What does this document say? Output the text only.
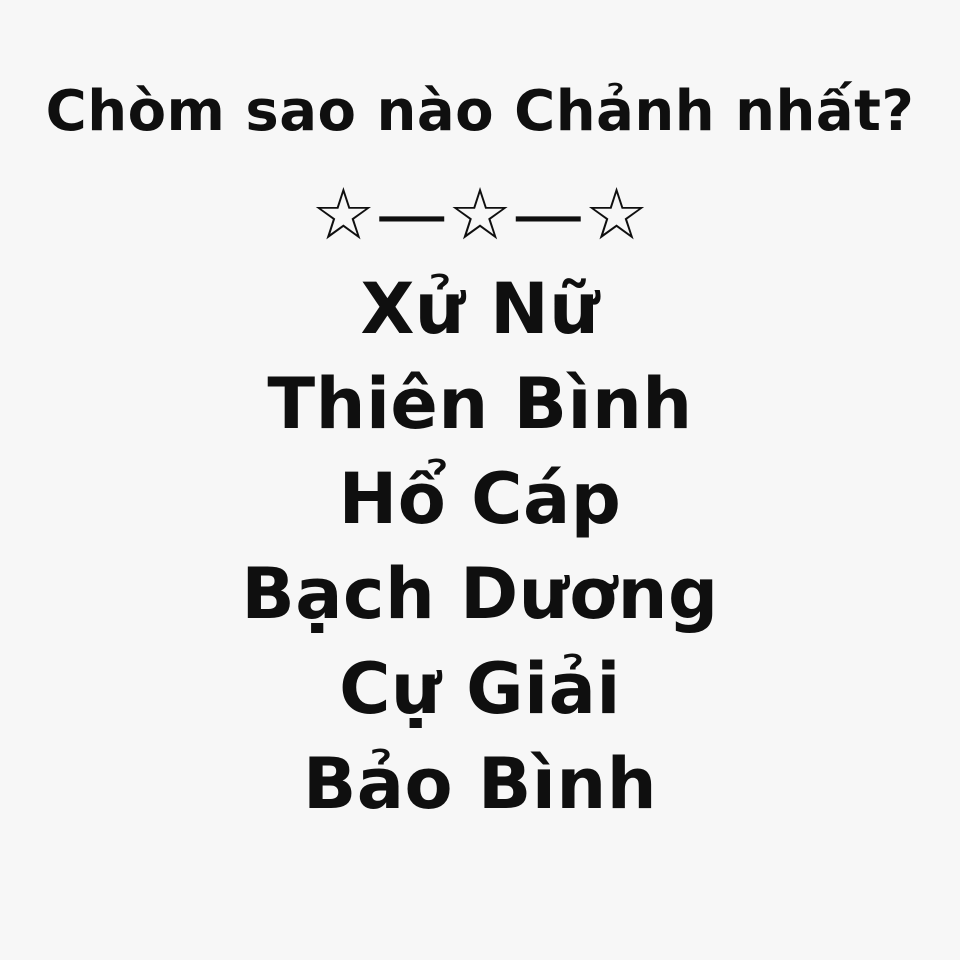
Chòm sao nào Chảnh nhất?
☆—☆—☆
Xử Nữ
Thiên Bình
Hổ Cáp
Bạch Dương
Cự Giải
Bảo Bình
